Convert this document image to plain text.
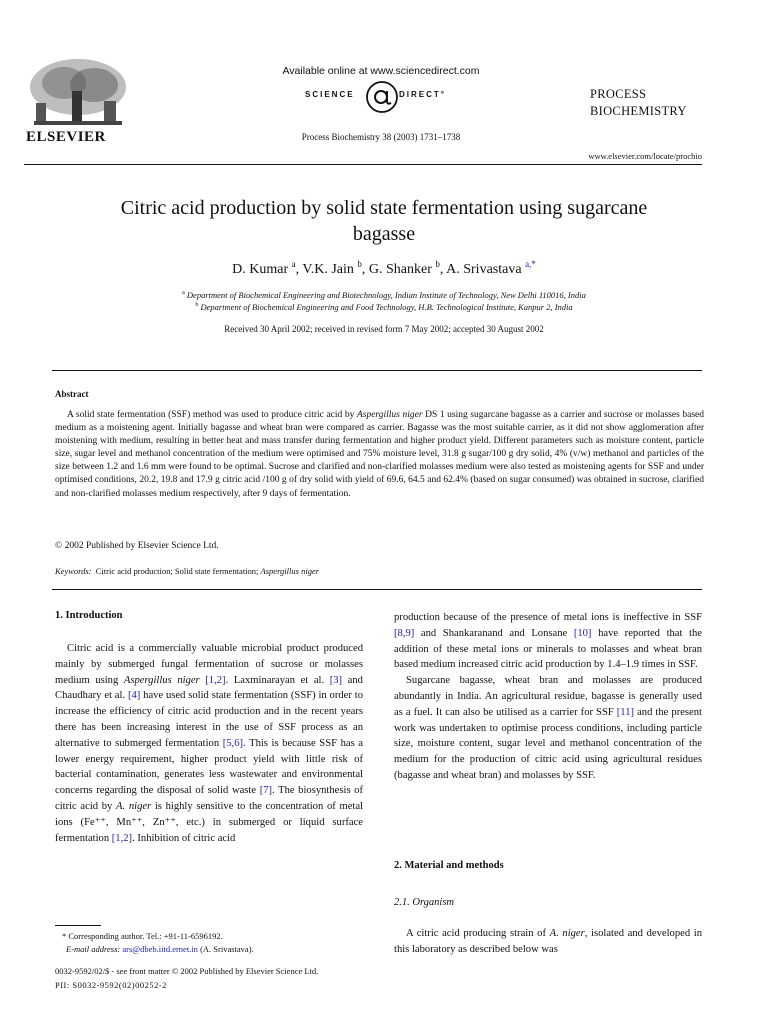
ELSEVIER
Available online at www.sciencedirect.com
SCIENCE	DIRECT°
Process Biochemistry 38 (2003) 1731–1738
PROCESS
BIOCHEMISTRY
www.elsevier.com/locate/procbio
Citric acid production by solid state fermentation using sugarcane
bagasse
D. Kumar $^a$, V.K. Jain $^b$, G. Shanker $^b$, A. Srivastava $^{a,*}$
$^a$ Department of Biochemical Engineering and Biotechnology, Indian Institute of Technology, New Delhi 110016, India
$^b$ Department of Biochemical Engineering and Food Technology, H.B. Technological Institute, Kanpur 2, India
Received 30 April 2002; received in revised form 7 May 2002; accepted 30 August 2002
Abstract
A solid state fermentation (SSF) method was used to produce citric acid by Aspergillus niger DS 1 using sugarcane bagasse as a carrier and sucrose or molasses based medium as a moistening agent. Initially bagasse and wheat bran were compared as carrier. Bagasse was the most suitable carrier, as it did not show agglomeration after moistening with medium, resulting in better heat and mass transfer during fermentation and higher product yield. Different parameters such as moisture content, particle size, sugar level and methanol concentration of the medium were optimised and 75% moisture level, 31.8 g sugar/100 g dry solid, 4% (v/w) methanol and particles of the size between 1.2 and 1.6 mm were found to be optimal. Sucrose and clarified and non-clarified molasses medium were also tested as moistening agents for SSF and under optimised conditions, 20.2, 19.8 and 17.9 g citric acid /100 g of dry solid with yield of 69.6, 64.5 and 62.4% (based on sugar consumed) was obtained in sucrose, clarified and non-clarified molasses medium respectively, after 9 days of fermentation.
© 2002 Published by Elsevier Science Ltd.
Keywords: Citric acid production; Solid state fermentation; Aspergillus niger
1. Introduction

Citric acid is a commercially valuable microbial product produced mainly by submerged fungal fermentation of sucrose or molasses medium using Aspergillus niger [1,2]. Laxminarayan et al. [3] and Chaudhary et al. [4] have used solid state fermentation (SSF) in order to increase the efficiency of citric acid production and in the recent years there has been increasing interest in the use of SSF process as an alternative to submerged fermentation [5,6]. This is because SSF has a lower energy requirement, higher product yield with little risk of bacterial contamination, generates less wastewater and environmental concerns regarding the disposal of solid waste [7]. The biosynthesis of citric acid by A. niger is highly sensitive to the concentration of metal ions (Fe⁺⁺, Mn⁺⁺, Zn⁺⁺, etc.) in submerged or liquid surface fermentation [1,2]. Inhibition of citric acid

production because of the presence of metal ions is ineffective in SSF [8,9] and Shankaranand and Lonsane [10] have reported that the addition of these metal ions or minerals to molasses and wheat bran based medium increased citric acid production by 1.4–1.9 times in SSF.

Sugarcane bagasse, wheat bran and molasses are produced abundantly in India. An agricultural residue, bagasse is generally used as a fuel. It can also be utilised as a carrier for SSF [11] and the present work was undertaken to optimise process conditions, including particle size, moisture content, sugar level and methanol concentration of the medium for the production of citric acid using agricultural residues (bagasse and wheat bran) and molasses by SSF.

2. Material and methods
2.1. Organism

A citric acid producing strain of A. niger, isolated and developed in this laboratory as described below was

* Corresponding author. Tel.: +91-11-6596192.
E-mail address: ars@dbeb.iitd.ernet.in (A. Srivastava).
0032-9592/02/$ - see front matter © 2002 Published by Elsevier Science Ltd.
PII: S0032-9592(02)00252-2
